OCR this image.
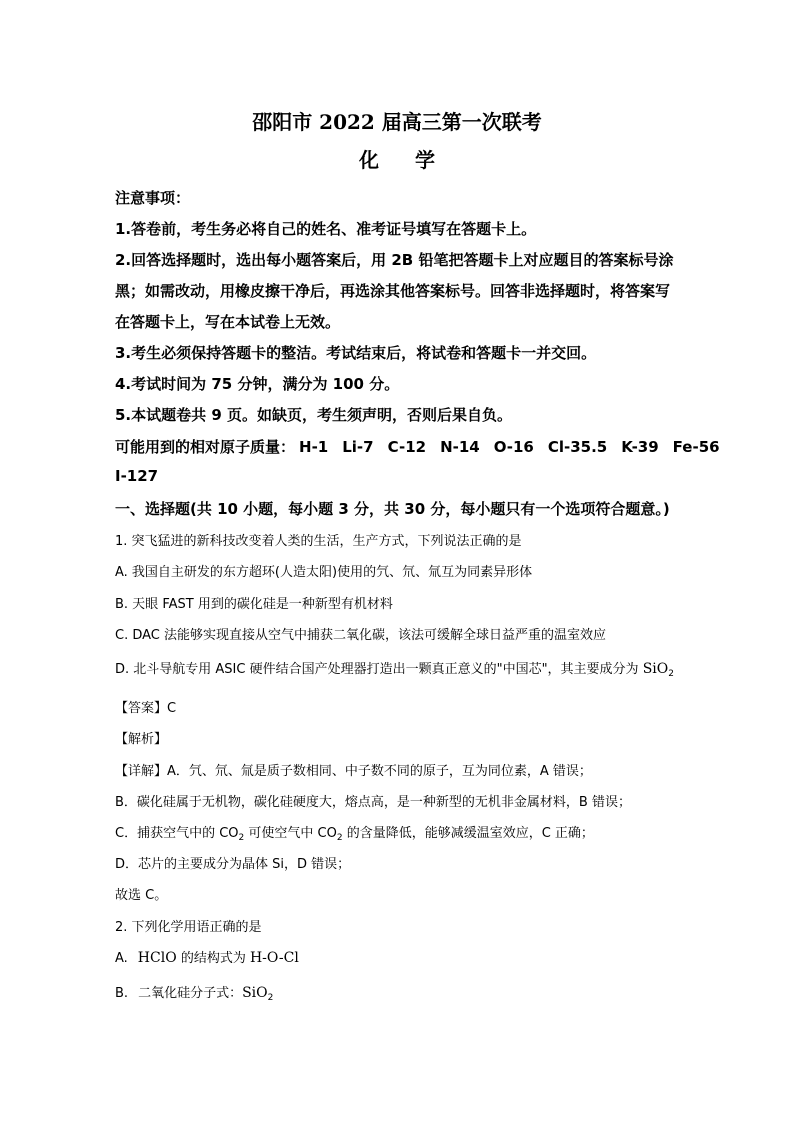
邵阳市 2022 届高三第一次联考
化学
注意事项：
1.答卷前，考生务必将自己的姓名、准考证号填写在答题卡上。
2.回答选择题时，选出每小题答案后，用 2B 铅笔把答题卡上对应题目的答案标号涂
黑；如需改动，用橡皮擦干净后，再选涂其他答案标号。回答非选择题时，将答案写
在答题卡上，写在本试卷上无效。
3.考生必须保持答题卡的整洁。考试结束后，将试卷和答题卡一并交回。
4.考试时间为 75 分钟，满分为 100 分。
5.本试题卷共 9 页。如缺页，考生须声明，否则后果自负。
可能用到的相对原子质量： H-1 Li-7 C-12 N-14 O-16 Cl-35.5 K-39 Fe-56
I-127
一、选择题(共 10 小题，每小题 3 分，共 30 分，每小题只有一个选项符合题意。)
1. 突飞猛进的新科技改变着人类的生活，生产方式，下列说法正确的是
A. 我国自主研发的东方超环(人造太阳)使用的氕、氘、氚互为同素异形体
B. 天眼 FAST 用到的碳化硅是一种新型有机材料
C. DAC 法能够实现直接从空气中捕获二氧化碳，该法可缓解全球日益严重的温室效应
D. 北斗导航专用 ASIC 硬件结合国产处理器打造出一颗真正意义的"中国芯"，其主要成分为 SiO$_2$
【答案】C
【解析】
【详解】A．氕、氘、氚是质子数相同、中子数不同的原子，互为同位素，A 错误；
B．碳化硅属于无机物，碳化硅硬度大，熔点高，是一种新型的无机非金属材料，B 错误；
C．捕获空气中的 $CO_2$ 可使空气中 $CO_2$ 的含量降低，能够减缓温室效应，C 正确；
D．芯片的主要成分为晶体 Si，D 错误；
故选 C。
2. 下列化学用语正确的是
A. HClO 的结构式为 H-O-Cl
B. 二氧化硅分子式：SiO$_2$
